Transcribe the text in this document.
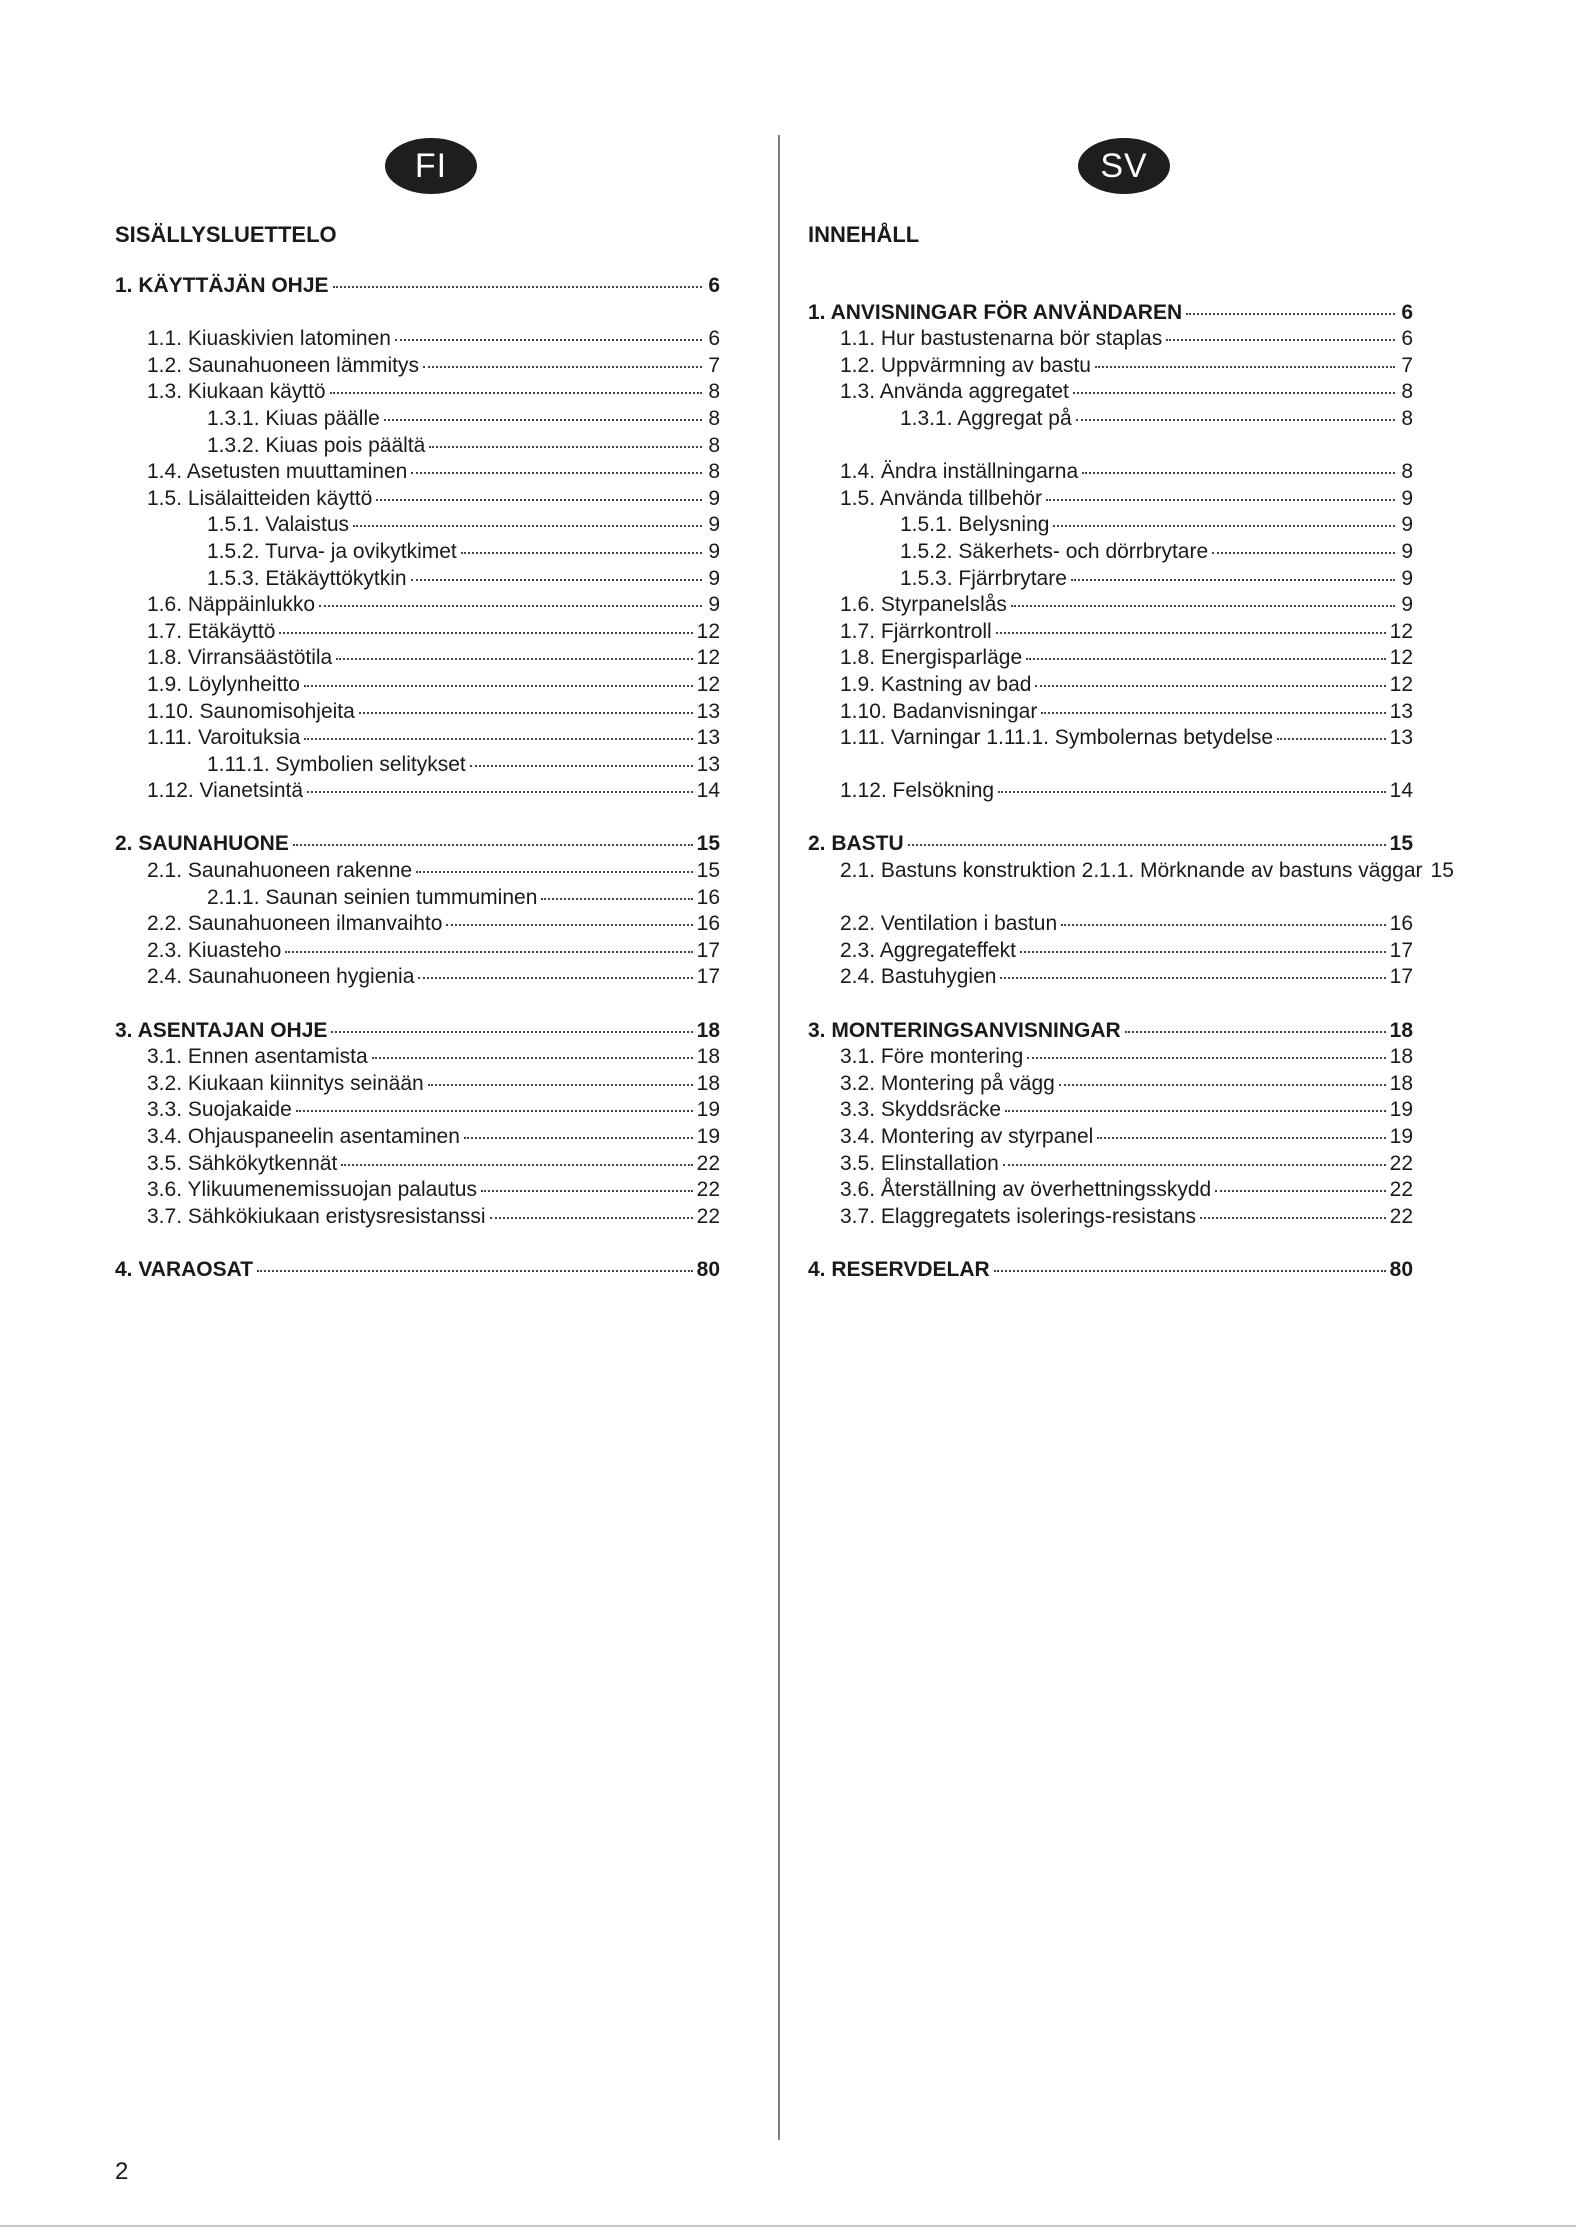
FI
SISÄLLYSLUETTELO
1. KÄYTTÄJÄN OHJE	6
1.1. Kiuaskivien latominen	6
1.2. Saunahuoneen lämmitys	7
1.3. Kiukaan käyttö	8
1.3.1. Kiuas päälle	8
1.3.2. Kiuas pois päältä	8
1.4. Asetusten muuttaminen	8
1.5. Lisälaitteiden käyttö	9
1.5.1. Valaistus	9
1.5.2. Turva- ja ovikytkimet	9
1.5.3. Etäkäyttökytkin	9
1.6. Näppäinlukko	9
1.7. Etäkäyttö	12
1.8. Virransäästötila	12
1.9. Löylynheitto	12
1.10. Saunomisohjeita	13
1.11. Varoituksia	13
1.11.1. Symbolien selitykset	13
1.12. Vianetsintä	14
2. SAUNAHUONE	15
2.1. Saunahuoneen rakenne	15
2.1.1. Saunan seinien tummuminen	16
2.2. Saunahuoneen ilmanvaihto	16
2.3. Kiuasteho	17
2.4. Saunahuoneen hygienia	17
3. ASENTAJAN OHJE	18
3.1. Ennen asentamista	18
3.2. Kiukaan kiinnitys seinään	18
3.3. Suojakaide	19
3.4. Ohjauspaneelin asentaminen	19
3.5. Sähkökytkennät	22
3.6. Ylikuumenemissuojan palautus	22
3.7. Sähkökiukaan eristysresistanssi	22
4. VARAOSAT	80
SV
INNEHÅLL
1. ANVISNINGAR FÖR ANVÄNDAREN	6
1.1. Hur bastustenarna bör staplas	6
1.2. Uppvärmning av bastu	7
1.3. Använda aggregatet	8
1.3.1. Aggregat på	8
1.4. Ändra inställningarna	8
1.5. Använda tillbehör	9
1.5.1. Belysning	9
1.5.2. Säkerhets- och dörrbrytare	9
1.5.3. Fjärrbrytare	9
1.6. Styrpanelslås	9
1.7. Fjärrkontroll	12
1.8. Energisparläge	12
1.9. Kastning av bad	12
1.10. Badanvisningar	13
1.11. Varningar 1.11.1. Symbolernas betydelse	13
1.12. Felsökning	14
2. BASTU	15
2.1. Bastuns konstruktion 2.1.1. Mörknande av bastuns väggar 15
2.2. Ventilation i bastun	16
2.3. Aggregateffekt	17
2.4. Bastuhygien	17
3. MONTERINGSANVISNINGAR	18
3.1. Före montering	18
3.2. Montering på vägg	18
3.3. Skyddsräcke	19
3.4. Montering av styrpanel	19
3.5. Elinstallation	22
3.6. Återställning av överhettningsskydd	22
3.7. Elaggregatets isolerings-resistans	22
4. RESERVDELAR	80
2
